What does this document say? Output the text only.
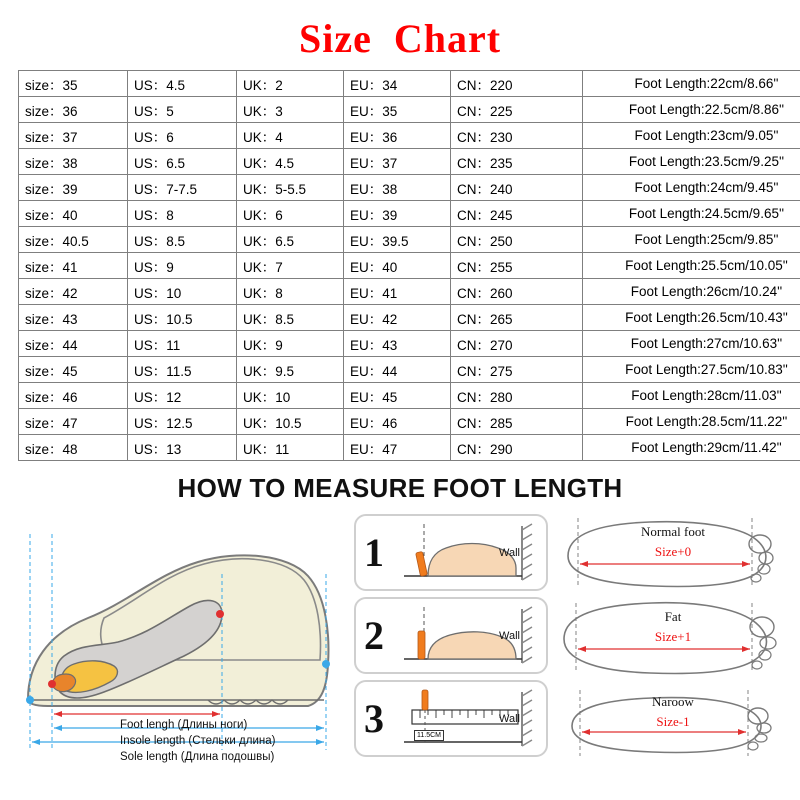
Size Chart
size：35	US：4.5	UK：2	EU：34	CN：220	Foot Length:22cm/8.66''
size：36	US：5	UK：3	EU：35	CN：225	Foot Length:22.5cm/8.86''
size：37	US：6	UK：4	EU：36	CN：230	Foot Length:23cm/9.05''
size：38	US：6.5	UK：4.5	EU：37	CN：235	Foot Length:23.5cm/9.25''
size：39	US：7-7.5	UK：5-5.5	EU：38	CN：240	Foot Length:24cm/9.45''
size：40	US：8	UK：6	EU：39	CN：245	Foot Length:24.5cm/9.65''
size：40.5	US：8.5	UK：6.5	EU：39.5	CN：250	Foot Length:25cm/9.85''
size：41	US：9	UK：7	EU：40	CN：255	Foot Length:25.5cm/10.05''
size：42	US：10	UK：8	EU：41	CN：260	Foot Length:26cm/10.24''
size：43	US：10.5	UK：8.5	EU：42	CN：265	Foot Length:26.5cm/10.43''
size：44	US：11	UK：9	EU：43	CN：270	Foot Length:27cm/10.63''
size：45	US：11.5	UK：9.5	EU：44	CN：275	Foot Length:27.5cm/10.83''
size：46	US：12	UK：10	EU：45	CN：280	Foot Length:28cm/11.03''
size：47	US：12.5	UK：10.5	EU：46	CN：285	Foot Length:28.5cm/11.22''
size：48	US：13	UK：11	EU：47	CN：290	Foot Length:29cm/11.42''
HOW TO MEASURE FOOT LENGTH
Foot lengh (Длины ноги)
Insole length (Стельки длина)
Sole length (Длина подошвы)
1	Wall
2	Wall
3	11.5CM
Wall
Normal foot
Size+0
Fat
Size+1
Naroow
Size-1
